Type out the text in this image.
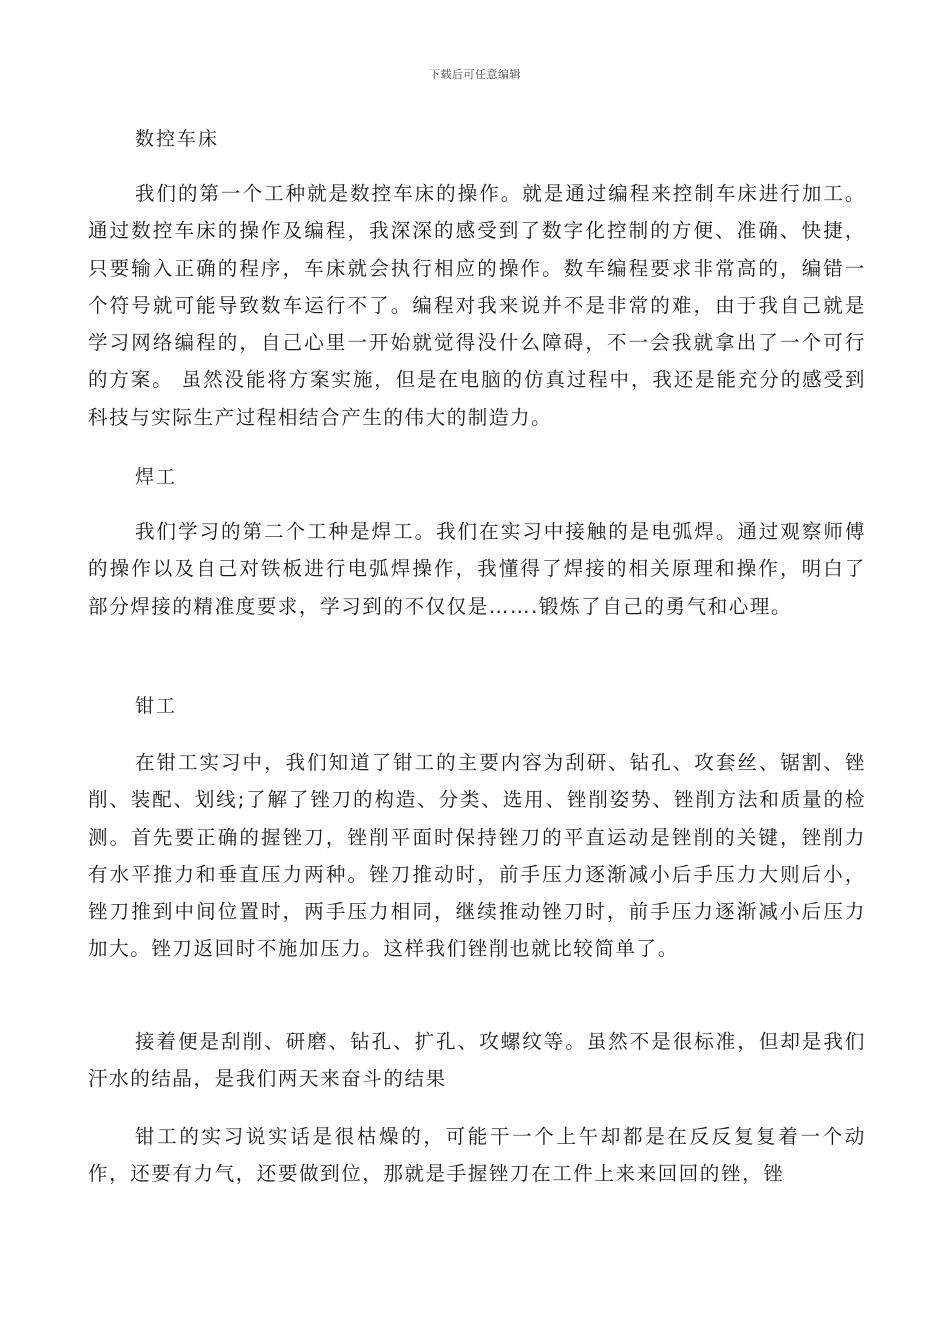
下载后可任意编辑
数控车床
我们的第一个工种就是数控车床的操作。就是通过编程来控制车床进行加工。通过数控车床的操作及编程，我深深的感受到了数字化控制的方便、准确、快捷，只要输入正确的程序，车床就会执行相应的操作。数车编程要求非常高的，编错一个符号就可能导致数车运行不了。编程对我来说并不是非常的难，由于我自己就是学习网络编程的，自己心里一开始就觉得没什么障碍，不一会我就拿出了一个可行的方案。 虽然没能将方案实施，但是在电脑的仿真过程中，我还是能充分的感受到科技与实际生产过程相结合产生的伟大的制造力。
焊工
我们学习的第二个工种是焊工。我们在实习中接触的是电弧焊。通过观察师傅的操作以及自己对铁板进行电弧焊操作，我懂得了焊接的相关原理和操作，明白了部分焊接的精准度要求，学习到的不仅仅是…….锻炼了自己的勇气和心理。
钳工
在钳工实习中，我们知道了钳工的主要内容为刮研、钻孔、攻套丝、锯割、锉削、装配、划线;了解了锉刀的构造、分类、选用、锉削姿势、锉削方法和质量的检测。首先要正确的握锉刀，锉削平面时保持锉刀的平直运动是锉削的关键，锉削力有水平推力和垂直压力两种。锉刀推动时，前手压力逐渐减小后手压力大则后小，锉刀推到中间位置时，两手压力相同，继续推动锉刀时，前手压力逐渐减小后压力加大。锉刀返回时不施加压力。这样我们锉削也就比较简单了。
接着便是刮削、研磨、钻孔、扩孔、攻螺纹等。虽然不是很标准，但却是我们汗水的结晶，是我们两天来奋斗的结果
钳工的实习说实话是很枯燥的，可能干一个上午却都是在反反复复着一个动作，还要有力气，还要做到位，那就是手握锉刀在工件上来来回回的锉，锉
